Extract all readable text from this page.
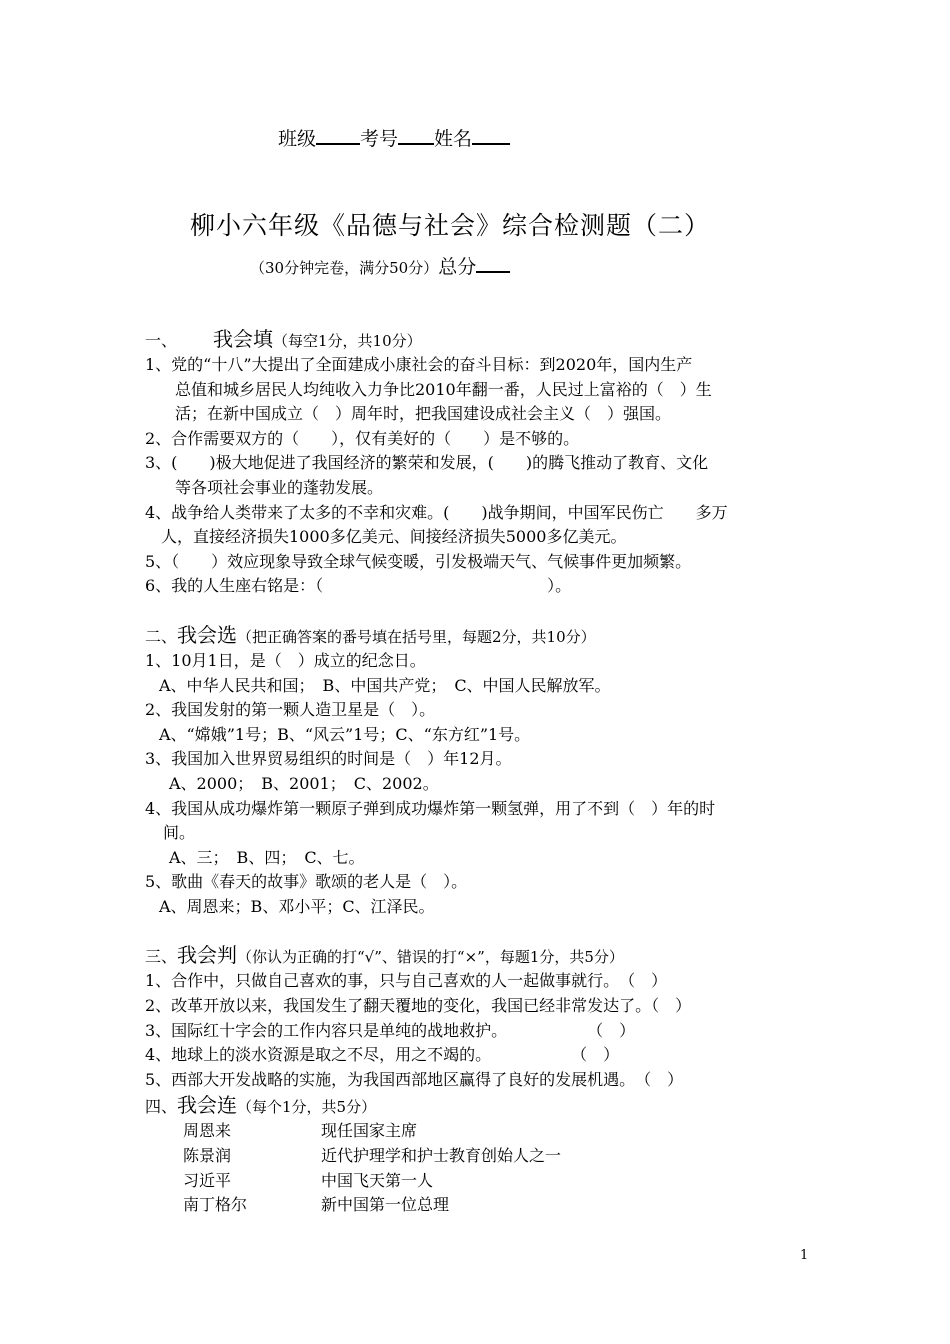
班级 考号 姓名
柳小六年级《品德与社会》综合检测题（二）
（30分钟完卷，满分50分）总分
一、 我会填（每空1分，共10分）
1、党的“十八”大提出了全面建成小康社会的奋斗目标：到2020年，国内生产
总值和城乡居民人均纯收入力争比2010年翻一番，人民过上富裕的（　）生
活；在新中国成立（　）周年时，把我国建设成社会主义（　）强国。
2、合作需要双方的（　　），仅有美好的（　　）是不够的。
3、(　　)极大地促进了我国经济的繁荣和发展，(　　)的腾飞推动了教育、文化
等各项社会事业的蓬勃发展。
4、战争给人类带来了太多的不幸和灾难。(　　)战争期间，中国军民伤亡　　多万
人，直接经济损失1000多亿美元、间接经济损失5000多亿美元。
5、（　　）效应现象导致全球气候变暖，引发极端天气、气候事件更加频繁。
6、我的人生座右铭是：（　　　　　　　　　　　　　　）。
二、我会选（把正确答案的番号填在括号里，每题2分，共10分）
1、10月1日，是（　）成立的纪念日。
A、中华人民共和国；　B、中国共产党；　C、中国人民解放军。
2、我国发射的第一颗人造卫星是（　）。
A、“嫦娥”1号；B、“风云”1号；C、“东方红”1号。
3、我国加入世界贸易组织的时间是（　）年12月。
A、2000；　B、2001；　C、2002。
4、我国从成功爆炸第一颗原子弹到成功爆炸第一颗氢弹，用了不到（　）年的时
间。
A、三；　B、四；　C、七。
5、歌曲《春天的故事》歌颂的老人是（　）。
A、周恩来；B、邓小平；C、江泽民。
三、我会判（你认为正确的打“√”、错误的打“×”，每题1分，共5分）
1、合作中，只做自己喜欢的事，只与自己喜欢的人一起做事就行。　（　）
2、改革开放以来，我国发生了翻天覆地的变化，我国已经非常发达了。（　）
3、国际红十字会的工作内容只是单纯的战地救护。　　　　　　（　）
4、地球上的淡水资源是取之不尽，用之不竭的。　　　　　　（　）
5、西部大开发战略的实施，为我国西部地区赢得了良好的发展机遇。　（　）
四、我会连（每个1分，共5分）
周恩来	现任国家主席
陈景润	近代护理学和护士教育创始人之一
习近平	中国飞天第一人
南丁格尔	新中国第一位总理
1
